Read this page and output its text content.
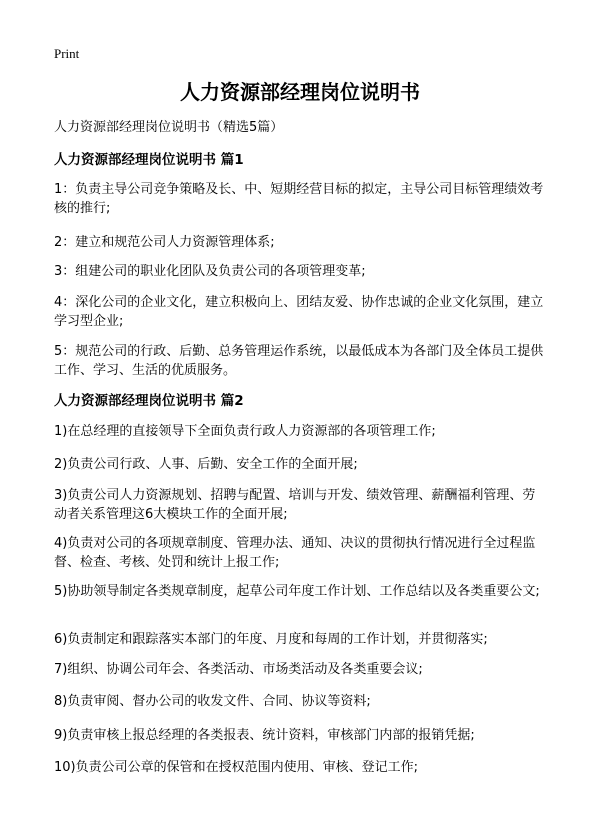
Print
人力资源部经理岗位说明书
人力资源部经理岗位说明书（精选5篇）
人力资源部经理岗位说明书 篇1
1：负责主导公司竞争策略及长、中、短期经营目标的拟定，主导公司目标管理绩效考核的推行;
2：建立和规范公司人力资源管理体系;
3：组建公司的职业化团队及负责公司的各项管理变革;
4：深化公司的企业文化，建立积极向上、团结友爱、协作忠诚的企业文化氛围，建立学习型企业;
5：规范公司的行政、后勤、总务管理运作系统，以最低成本为各部门及全体员工提供工作、学习、生活的优质服务。
人力资源部经理岗位说明书 篇2
1)在总经理的直接领导下全面负责行政人力资源部的各项管理工作;
2)负责公司行政、人事、后勤、安全工作的全面开展;
3)负责公司人力资源规划、招聘与配置、培训与开发、绩效管理、薪酬福利管理、劳动者关系管理这6大模块工作的全面开展;
4)负责对公司的各项规章制度、管理办法、通知、决议的贯彻执行情况进行全过程监督、检查、考核、处罚和统计上报工作;
5)协助领导制定各类规章制度，起草公司年度工作计划、工作总结以及各类重要公文;
6)负责制定和跟踪落实本部门的年度、月度和每周的工作计划，并贯彻落实;
7)组织、协调公司年会、各类活动、市场类活动及各类重要会议;
8)负责审阅、督办公司的收发文件、合同、协议等资料;
9)负责审核上报总经理的各类报表、统计资料，审核部门内部的报销凭据;
10)负责公司公章的保管和在授权范围内使用、审核、登记工作;
